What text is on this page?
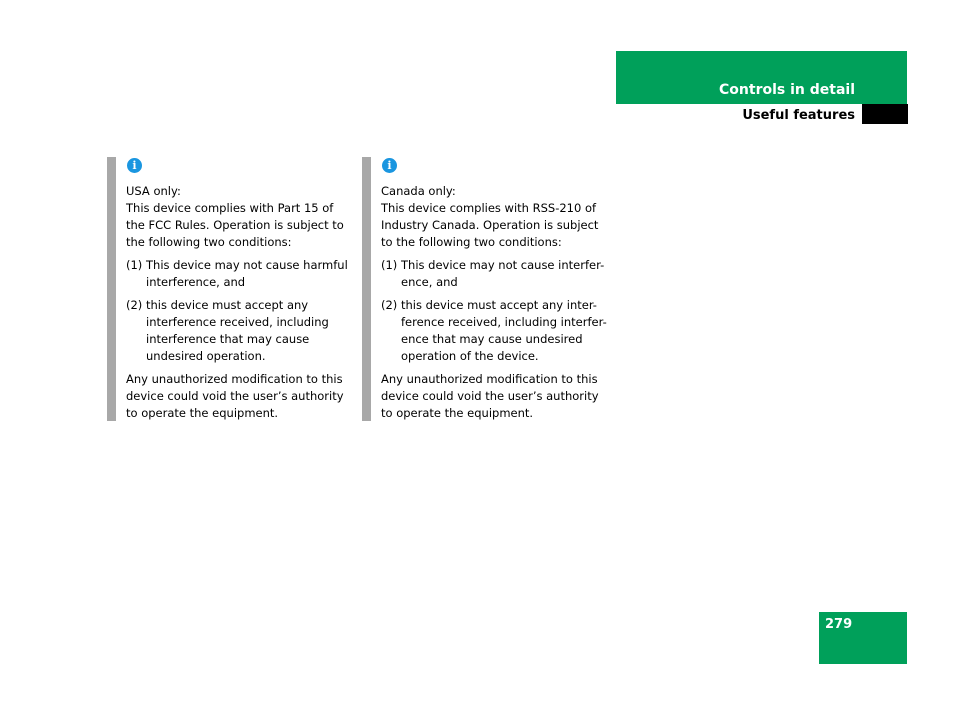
Controls in detail
Useful features
i
USA only:
This device complies with Part 15 of
the FCC Rules. Operation is subject to
the following two conditions:
(1) This device may not cause harmful
interference, and
(2) this device must accept any
interference received, including
interference that may cause
undesired operation.
Any unauthorized modification to this
device could void the user’s authority
to operate the equipment.
i
Canada only:
This device complies with RSS-210 of
Industry Canada. Operation is subject
to the following two conditions:
(1) This device may not cause interfer-
ence, and
(2) this device must accept any inter-
ference received, including interfer-
ence that may cause undesired
operation of the device.
Any unauthorized modification to this
device could void the user’s authority
to operate the equipment.
279
